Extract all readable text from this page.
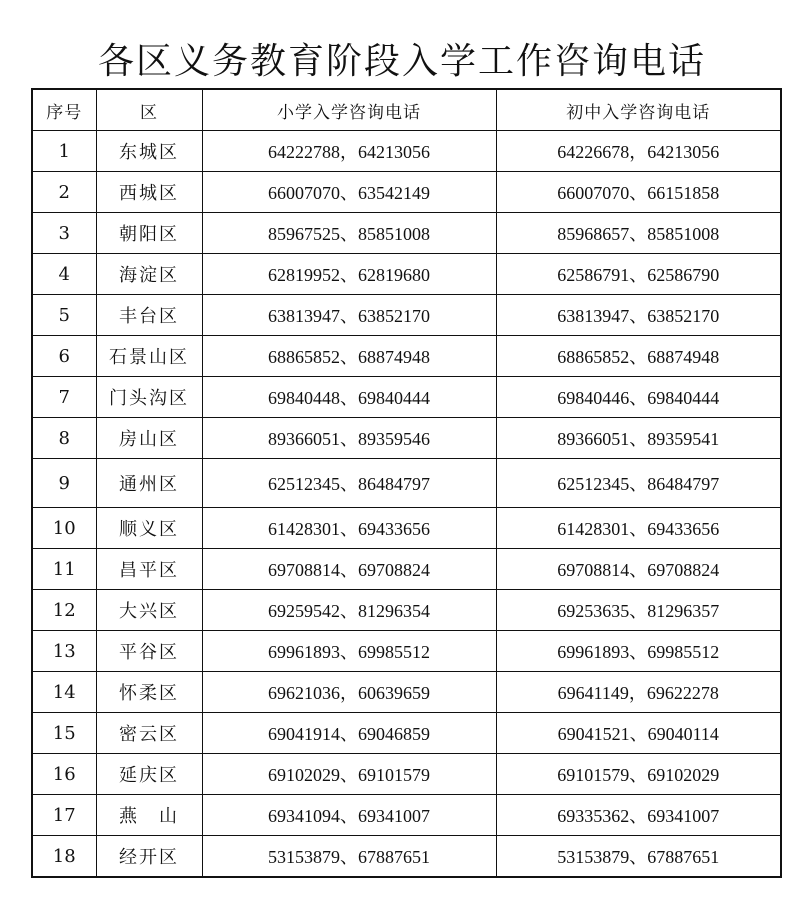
各区义务教育阶段入学工作咨询电话
序号	区	小学入学咨询电话	初中入学咨询电话
1	东城区	64222788，64213056	64226678，64213056
2	西城区	66007070、63542149	66007070、66151858
3	朝阳区	85967525、85851008	85968657、85851008
4	海淀区	62819952、62819680	62586791、62586790
5	丰台区	63813947、63852170	63813947、63852170
6	石景山区	68865852、68874948	68865852、68874948
7	门头沟区	69840448、69840444	69840446、69840444
8	房山区	89366051、89359546	89366051、89359541
9	通州区	62512345、86484797	62512345、86484797
10	顺义区	61428301、69433656	61428301、69433656
11	昌平区	69708814、69708824	69708814、69708824
12	大兴区	69259542、81296354	69253635、81296357
13	平谷区	69961893、69985512	69961893、69985512
14	怀柔区	69621036，60639659	69641149，69622278
15	密云区	69041914、69046859	69041521、69040114
16	延庆区	69102029、69101579	69101579、69102029
17	燕　山	69341094、69341007	69335362、69341007
18	经开区	53153879、67887651	53153879、67887651
